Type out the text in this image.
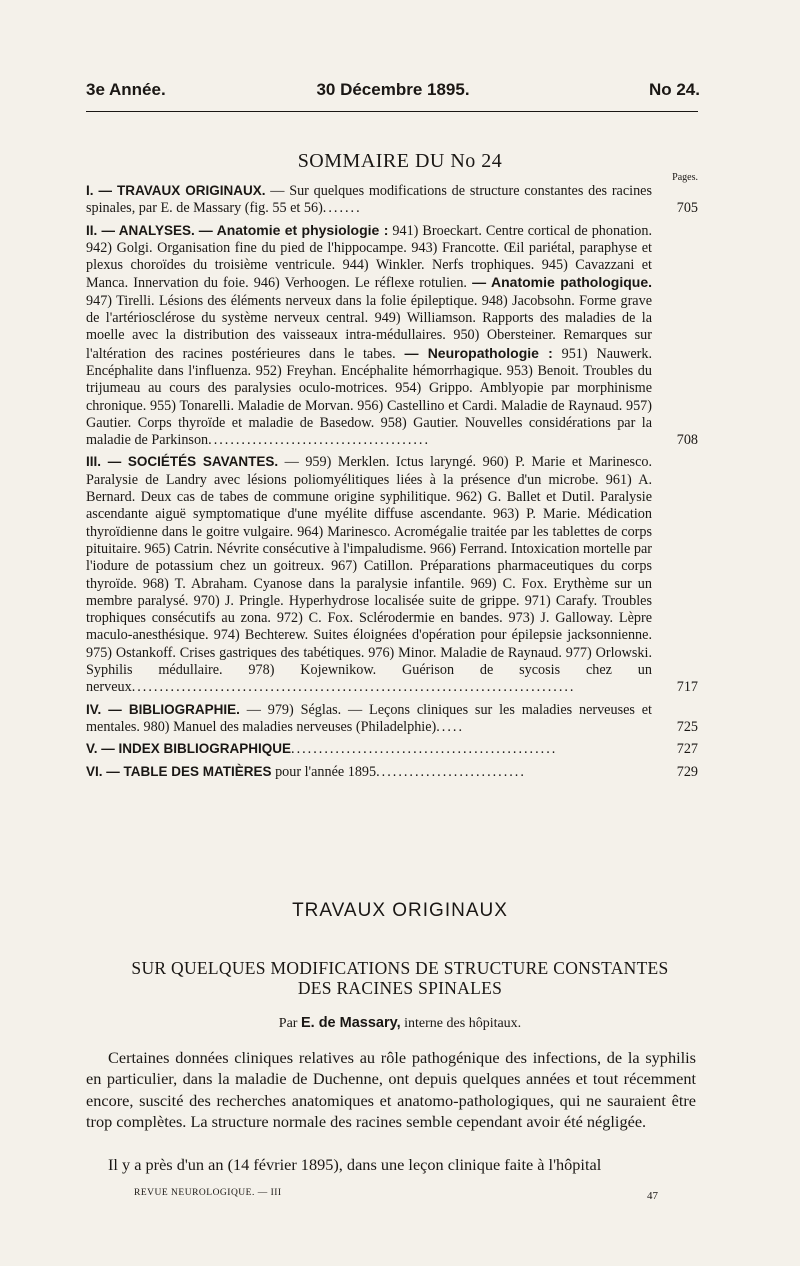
3e Année.	30 Décembre 1895.	No 24.
SOMMAIRE DU No 24
Pages.
I. — TRAVAUX ORIGINAUX. — Sur quelques modifications de structure constantes des racines spinales, par E. de Massary (fig. 55 et 56).......	705
II. — ANALYSES. — Anatomie et physiologie : 941) Broeckart. Centre cortical de phonation. 942) Golgi. Organisation fine du pied de l'hippocampe. 943) Francotte. Œil pariétal, paraphyse et plexus choroïdes du troisième ventricule. 944) Winkler. Nerfs trophiques. 945) Cavazzani et Manca. Innervation du foie. 946) Verhoogen. Le réflexe rotulien. — Anatomie pathologique. 947) Tirelli. Lésions des éléments nerveux dans la folie épileptique. 948) Jacobsohn. Forme grave de l'artériosclérose du système nerveux central. 949) Williamson. Rapports des maladies de la moelle avec la distribution des vaisseaux intra-médullaires. 950) Obersteiner. Remarques sur l'altération des racines postérieures dans le tabes. — Neuropathologie : 951) Nauwerk. Encéphalite dans l'influenza. 952) Freyhan. Encéphalite hémorrhagique. 953) Benoit. Troubles du trijumeau au cours des paralysies oculo-motrices. 954) Grippo. Amblyopie par morphinisme chronique. 955) Tonarelli. Maladie de Morvan. 956) Castellino et Cardi. Maladie de Raynaud. 957) Gautier. Corps thyroïde et maladie de Basedow. 958) Gautier. Nouvelles considérations par la maladie de Parkinson........................................	708
III. — SOCIÉTÉS SAVANTES. — 959) Merklen. Ictus laryngé. 960) P. Marie et Marinesco. Paralysie de Landry avec lésions poliomyélitiques liées à la présence d'un microbe. 961) A. Bernard. Deux cas de tabes de commune origine syphilitique. 962) G. Ballet et Dutil. Paralysie ascendante aiguë symptomatique d'une myélite diffuse ascendante. 963) P. Marie. Médication thyroïdienne dans le goitre vulgaire. 964) Marinesco. Acromégalie traitée par les tablettes de corps pituitaire. 965) Catrin. Névrite consécutive à l'impaludisme. 966) Ferrand. Intoxication mortelle par l'iodure de potassium chez un goitreux. 967) Catillon. Préparations pharmaceutiques du corps thyroïde. 968) T. Abraham. Cyanose dans la paralysie infantile. 969) C. Fox. Erythème sur un membre paralysé. 970) J. Pringle. Hyperhydrose localisée suite de grippe. 971) Carafy. Troubles trophiques consécutifs au zona. 972) C. Fox. Sclérodermie en bandes. 973) J. Galloway. Lèpre maculo-anesthésique. 974) Bechterew. Suites éloignées d'opération pour épilepsie jacksonnienne. 975) Ostankoff. Crises gastriques des tabétiques. 976) Minor. Maladie de Raynaud. 977) Orlowski. Syphilis médullaire. 978) Kojewnikow. Guérison de sycosis chez un nerveux................................................................................	717
IV. — BIBLIOGRAPHIE. — 979) Séglas. — Leçons cliniques sur les maladies nerveuses et mentales. 980) Manuel des maladies nerveuses (Philadelphie).....	725
V. — INDEX BIBLIOGRAPHIQUE................................................	727
VI. — TABLE DES MATIÈRES pour l'année 1895...........................	729
TRAVAUX ORIGINAUX
SUR QUELQUES MODIFICATIONS DE STRUCTURE CONSTANTES
DES RACINES SPINALES
Par E. de Massary, interne des hôpitaux.
Certaines données cliniques relatives au rôle pathogénique des infections, de la syphilis en particulier, dans la maladie de Duchenne, ont depuis quelques années et tout récemment encore, suscité des recherches anatomiques et anatomo-pathologiques, qui ne sauraient être trop complètes. La structure normale des racines semble cependant avoir été négligée.
Il y a près d'un an (14 février 1895), dans une leçon clinique faite à l'hôpital
REVUE NEUROLOGIQUE. — III	47
